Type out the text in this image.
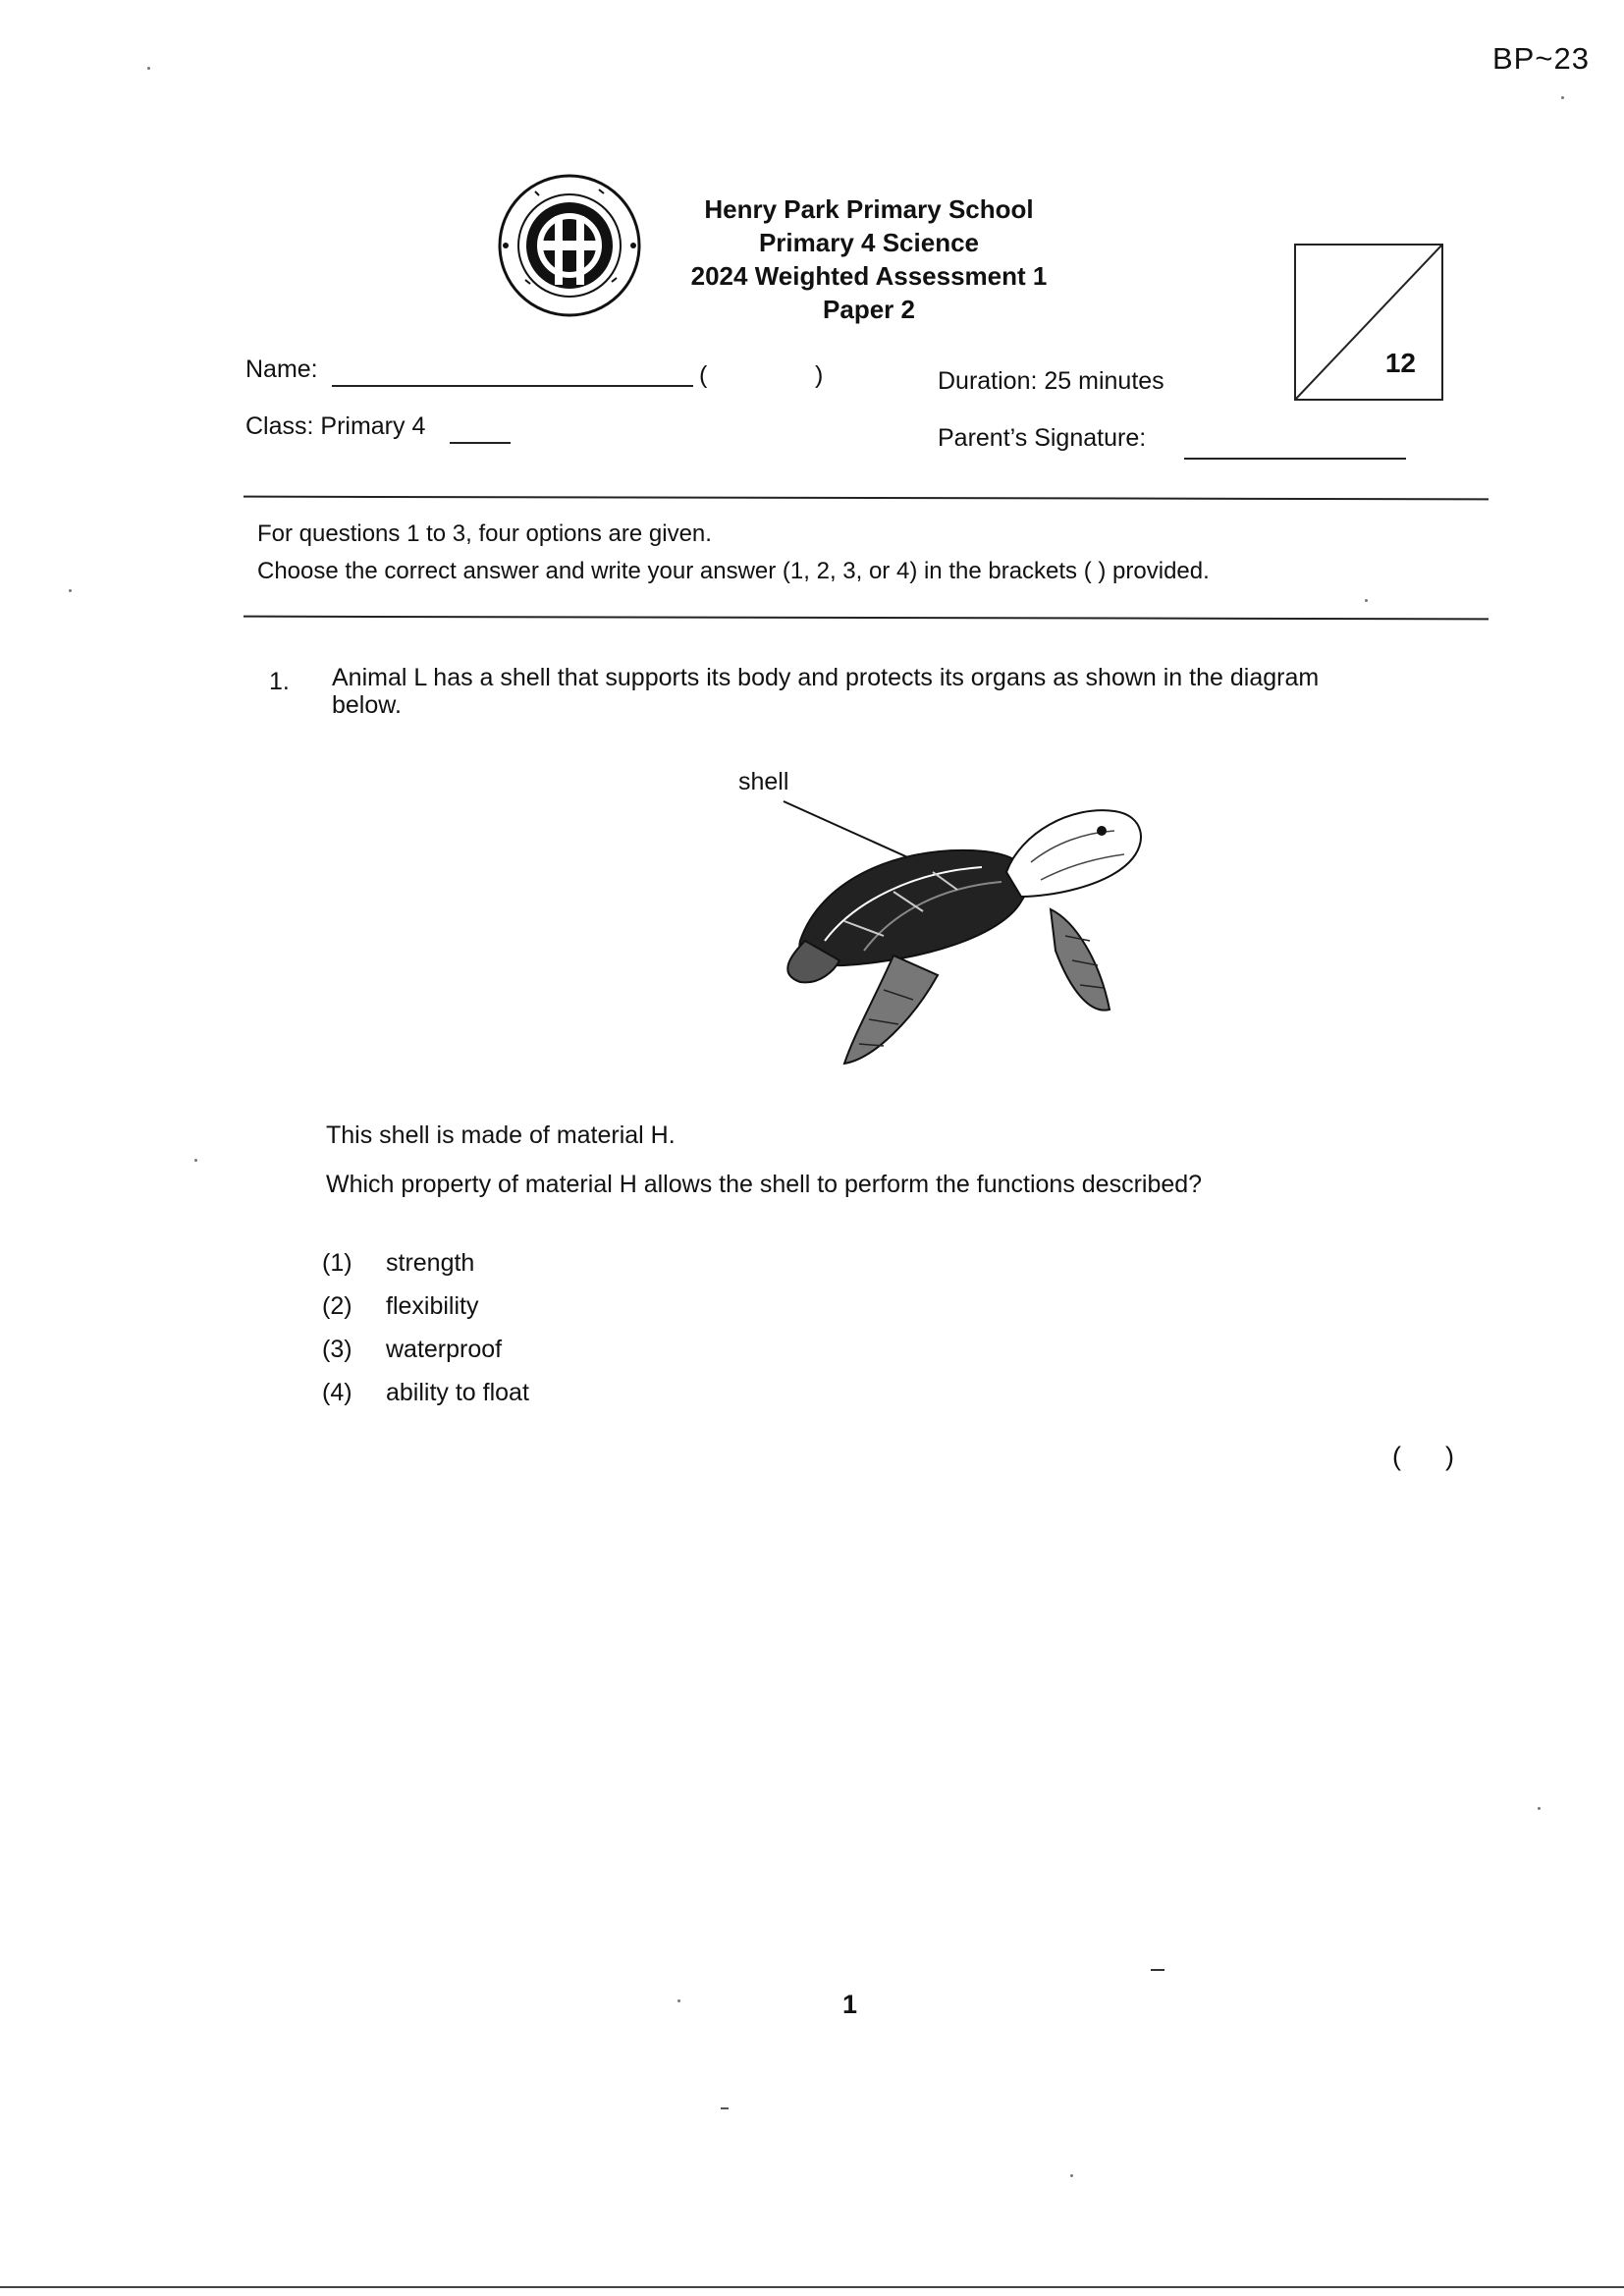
BP~23
Henry Park Primary School
Primary 4 Science
2024 Weighted Assessment 1
Paper 2
12
Name:	(	)	Duration: 25 minutes
Class: Primary 4	Parent’s Signature:
For questions 1 to 3, four options are given.
Choose the correct answer and write your answer (1, 2, 3, or 4) in the brackets ( ) provided.
1. Animal L has a shell that supports its body and protects its organs as shown in the diagram below.
shell
This shell is made of material H.
Which property of material H allows the shell to perform the functions described?
(1) strength
(2) flexibility
(3) waterproof
(4) ability to float
(      )
1
